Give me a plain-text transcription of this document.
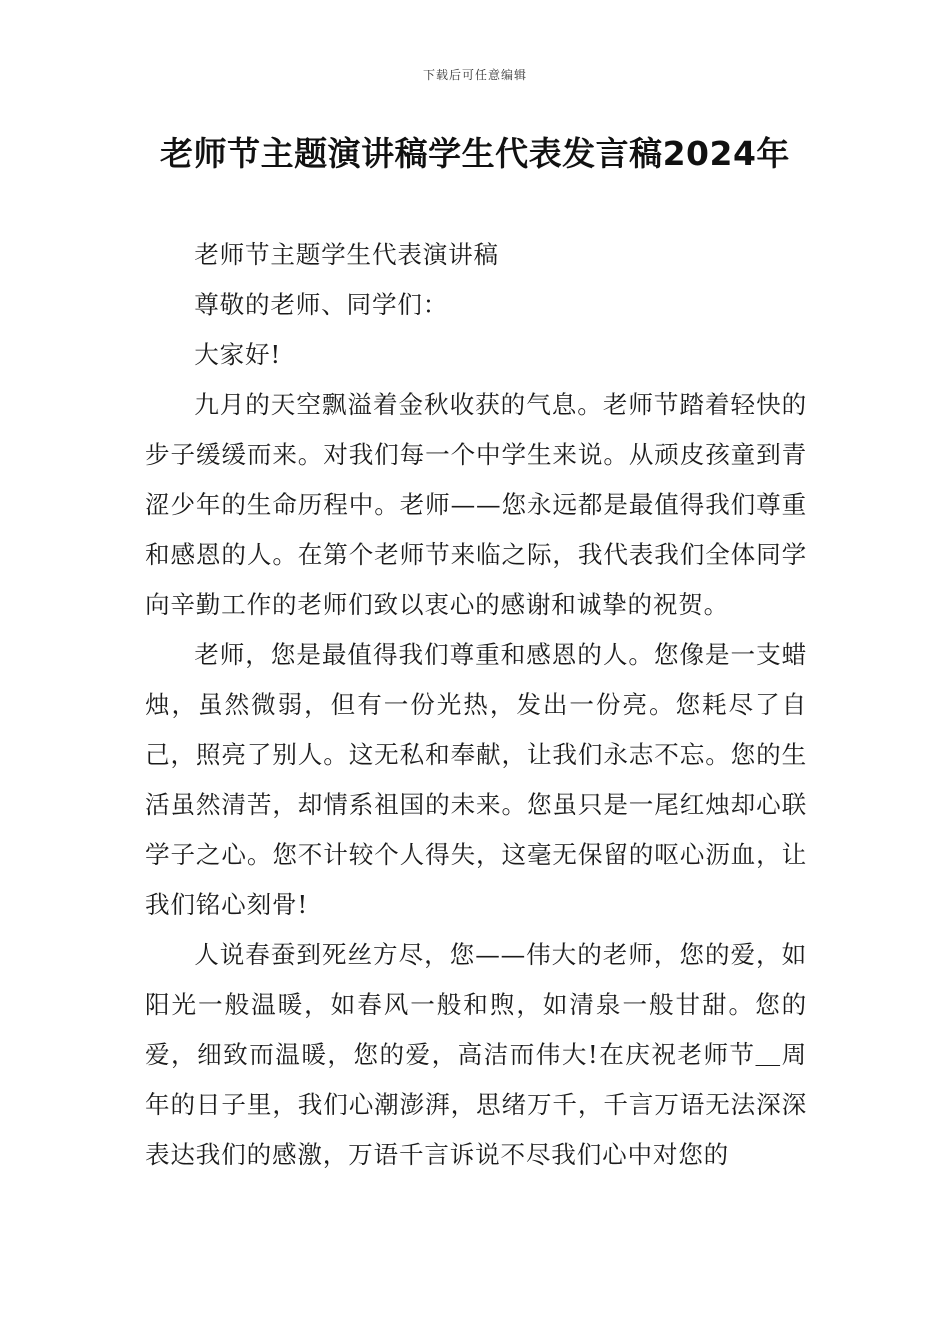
下载后可任意编辑
老师节主题演讲稿学生代表发言稿2024年

老师节主题学生代表演讲稿

尊敬的老师、同学们：

大家好!

九月的天空飘溢着金秋收获的气息。老师节踏着轻快的步子缓缓而来。对我们每一个中学生来说。从顽皮孩童到青涩少年的生命历程中。老师——您永远都是最值得我们尊重和感恩的人。在第个老师节来临之际，我代表我们全体同学向辛勤工作的老师们致以衷心的感谢和诚挚的祝贺。

老师，您是最值得我们尊重和感恩的人。您像是一支蜡烛，虽然微弱，但有一份光热，发出一份亮。您耗尽了自己，照亮了别人。这无私和奉献，让我们永志不忘。您的生活虽然清苦，却情系祖国的未来。您虽只是一尾红烛却心联学子之心。您不计较个人得失，这毫无保留的呕心沥血，让我们铭心刻骨!

人说春蚕到死丝方尽，您——伟大的老师，您的爱，如阳光一般温暖，如春风一般和煦，如清泉一般甘甜。您的爱，细致而温暖，您的爱，高洁而伟大!在庆祝老师节＿周年的日子里，我们心潮澎湃，思绪万千，千言万语无法深深表达我们的感激，万语千言诉说不尽我们心中对您的
